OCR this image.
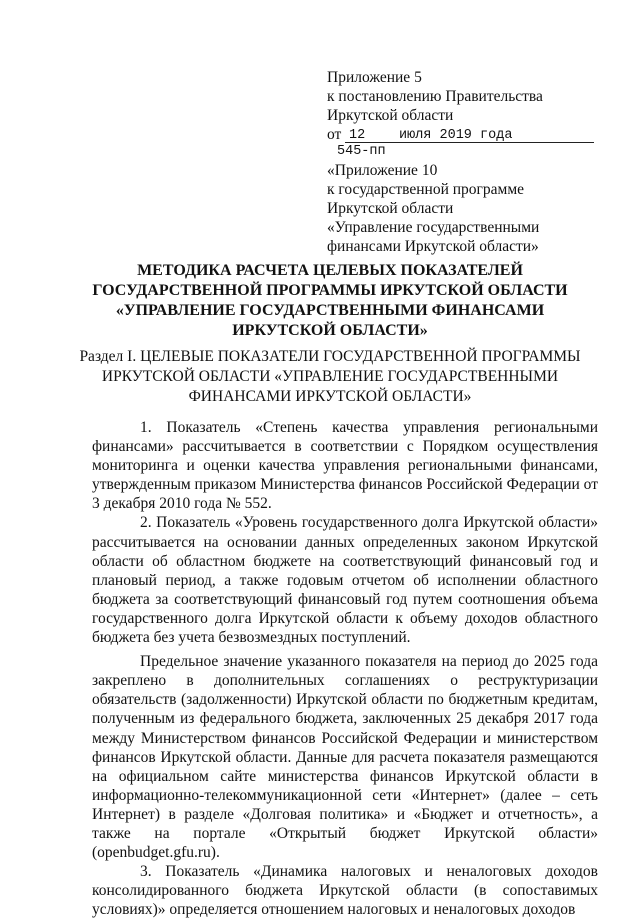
Приложение 5
к постановлению Правительства
Иркутской области
от 12	июля 2019 года
545-пп
«Приложение 10
к государственной программе
Иркутской области
«Управление государственными
финансами Иркутской области»
МЕТОДИКА РАСЧЕТА ЦЕЛЕВЫХ ПОКАЗАТЕЛЕЙ
ГОСУДАРСТВЕННОЙ ПРОГРАММЫ ИРКУТСКОЙ ОБЛАСТИ
«УПРАВЛЕНИЕ ГОСУДАРСТВЕННЫМИ ФИНАНСАМИ
ИРКУТСКОЙ ОБЛАСТИ»
Раздел I. ЦЕЛЕВЫЕ ПОКАЗАТЕЛИ ГОСУДАРСТВЕННОЙ ПРОГРАММЫ
ИРКУТСКОЙ ОБЛАСТИ «УПРАВЛЕНИЕ ГОСУДАРСТВЕННЫМИ
ФИНАНСАМИ ИРКУТСКОЙ ОБЛАСТИ»

1. Показатель «Степень качества управления региональными финансами» рассчитывается в соответствии с Порядком осуществления мониторинга и оценки качества управления региональными финансами, утвержденным приказом Министерства финансов Российской Федерации от 3 декабря 2010 года № 552.

2. Показатель «Уровень государственного долга Иркутской области» рассчитывается на основании данных определенных законом Иркутской области об областном бюджете на соответствующий финансовый год и плановый период, а также годовым отчетом об исполнении областного бюджета за соответствующий финансовый год путем соотношения объема государственного долга Иркутской области к объему доходов областного бюджета без учета безвозмездных поступлений.

Предельное значение указанного показателя на период до 2025 года закреплено в дополнительных соглашениях о реструктуризации обязательств (задолженности) Иркутской области по бюджетным кредитам, полученным из федерального бюджета, заключенных 25 декабря 2017 года между Министерством финансов Российской Федерации и министерством финансов Иркутской области. Данные для расчета показателя размещаются на официальном сайте министерства финансов Иркутской области в информационно-телекоммуникационной сети «Интернет» (далее – сеть Интернет) в разделе «Долговая политика» и «Бюджет и отчетность», а также на портале «Открытый бюджет Иркутской области» (openbudget.gfu.ru).

3. Показатель «Динамика налоговых и неналоговых доходов консолидированного бюджета Иркутской области (в сопоставимых условиях)» определяется отношением налоговых и неналоговых доходов
